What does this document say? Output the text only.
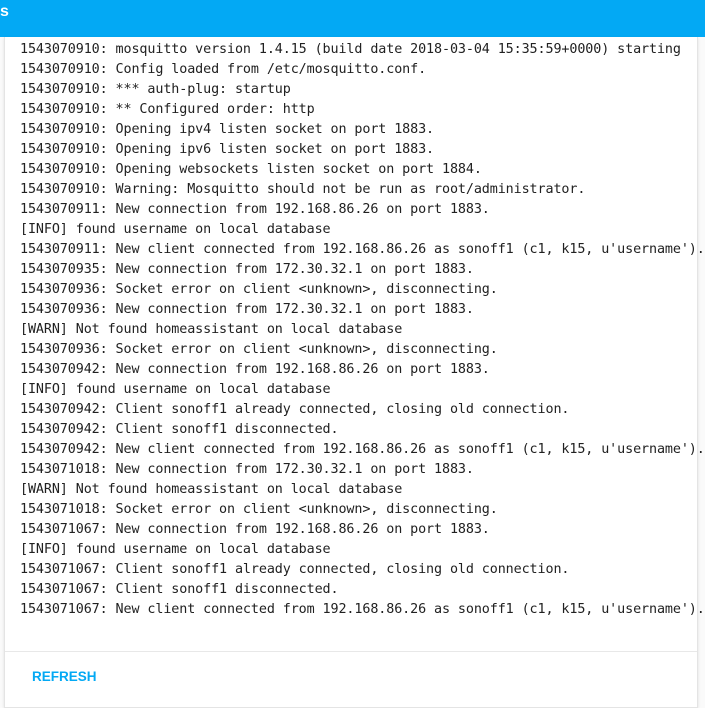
s
1543070910: mosquitto version 1.4.15 (build date 2018-03-04 15:35:59+0000) starting
1543070910: Config loaded from /etc/mosquitto.conf.
1543070910: *** auth-plug: startup
1543070910: ** Configured order: http
1543070910: Opening ipv4 listen socket on port 1883.
1543070910: Opening ipv6 listen socket on port 1883.
1543070910: Opening websockets listen socket on port 1884.
1543070910: Warning: Mosquitto should not be run as root/administrator.
1543070911: New connection from 192.168.86.26 on port 1883.
[INFO] found username on local database
1543070911: New client connected from 192.168.86.26 as sonoff1 (c1, k15, u'username').
1543070935: New connection from 172.30.32.1 on port 1883.
1543070936: Socket error on client <unknown>, disconnecting.
1543070936: New connection from 172.30.32.1 on port 1883.
[WARN] Not found homeassistant on local database
1543070936: Socket error on client <unknown>, disconnecting.
1543070942: New connection from 192.168.86.26 on port 1883.
[INFO] found username on local database
1543070942: Client sonoff1 already connected, closing old connection.
1543070942: Client sonoff1 disconnected.
1543070942: New client connected from 192.168.86.26 as sonoff1 (c1, k15, u'username').
1543071018: New connection from 172.30.32.1 on port 1883.
[WARN] Not found homeassistant on local database
1543071018: Socket error on client <unknown>, disconnecting.
1543071067: New connection from 192.168.86.26 on port 1883.
[INFO] found username on local database
1543071067: Client sonoff1 already connected, closing old connection.
1543071067: Client sonoff1 disconnected.
1543071067: New client connected from 192.168.86.26 as sonoff1 (c1, k15, u'username').
REFRESH
